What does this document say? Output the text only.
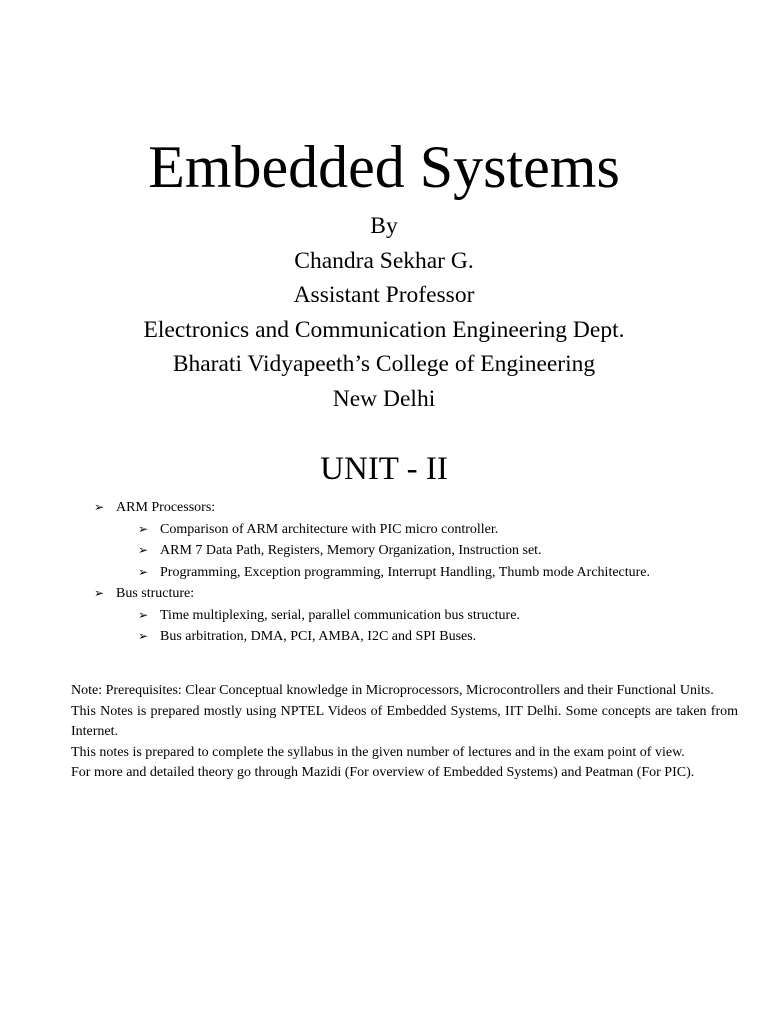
Embedded Systems
By
Chandra Sekhar G.
Assistant Professor
Electronics and Communication Engineering Dept.
Bharati Vidyapeeth’s College of Engineering
New Delhi
UNIT - II
➢ ARM Processors:
➢ Comparison of ARM architecture with PIC micro controller.
➢ ARM 7 Data Path, Registers, Memory Organization, Instruction set.
➢ Programming, Exception programming, Interrupt Handling, Thumb mode Architecture.
➢ Bus structure:
➢ Time multiplexing, serial, parallel communication bus structure.
➢ Bus arbitration, DMA, PCI, AMBA, I2C and SPI Buses.

Note: Prerequisites: Clear Conceptual knowledge in Microprocessors, Microcontrollers and their Functional Units.

This Notes is prepared mostly using NPTEL Videos of Embedded Systems, IIT Delhi. Some concepts are taken from Internet.

This notes is prepared to complete the syllabus in the given number of lectures and in the exam point of view.

For more and detailed theory go through Mazidi (For overview of Embedded Systems) and Peatman (For PIC).
